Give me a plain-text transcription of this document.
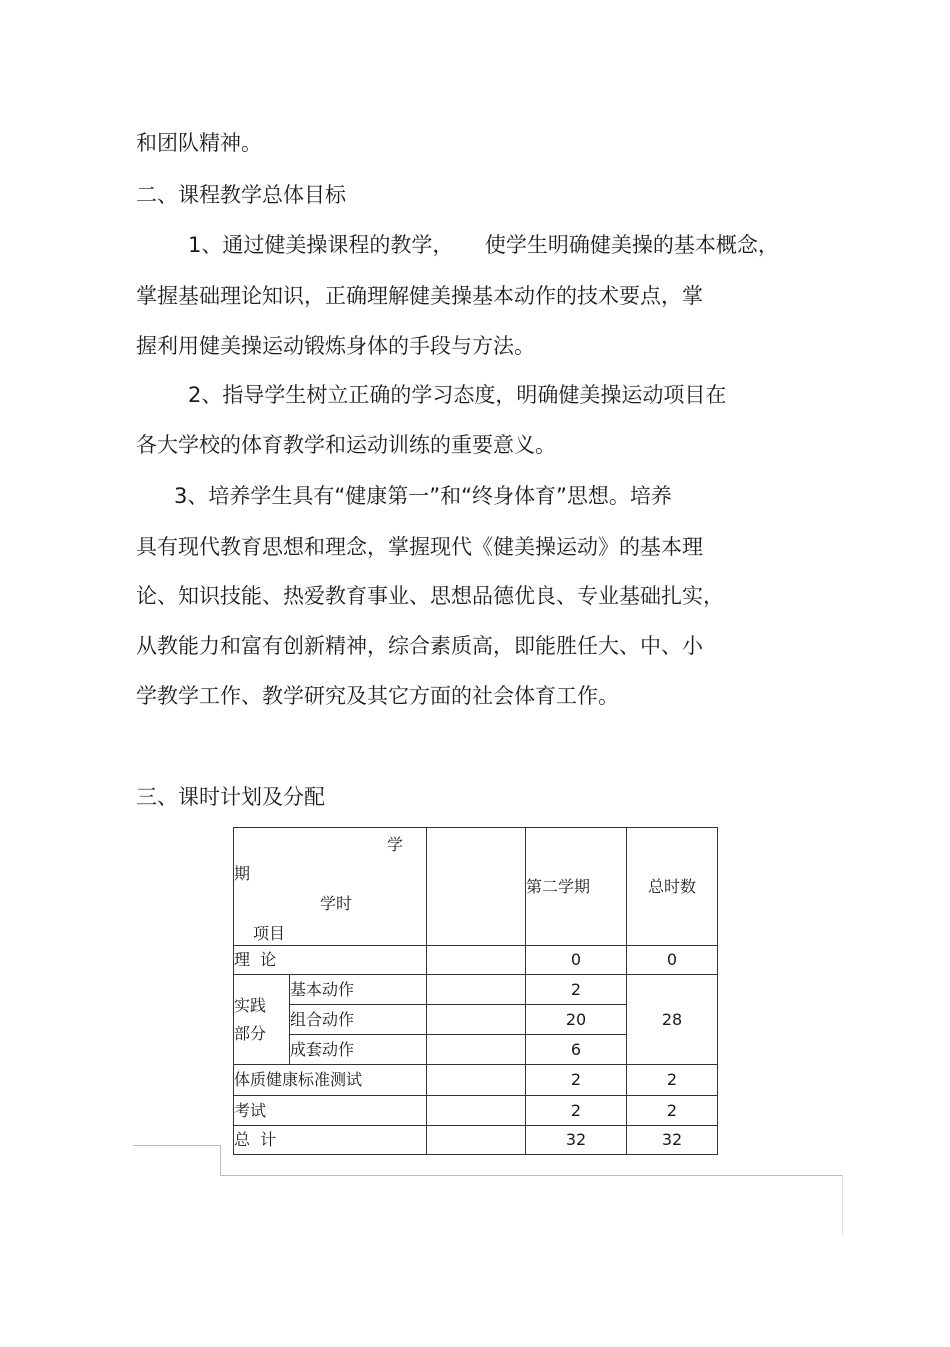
和团队精神。
二、课程教学总体目标
1、通过健美操课程的教学，　　使学生明确健美操的基本概念，
掌握基础理论知识，正确理解健美操基本动作的技术要点，掌
握利用健美操运动锻炼身体的手段与方法。
2、指导学生树立正确的学习态度，明确健美操运动项目在
各大学校的体育教学和运动训练的重要意义。
3、培养学生具有“健康第一”和“终身体育”思想。培养
具有现代教育思想和理念，掌握现代《健美操运动》的基本理
论、知识技能、热爱教育事业、思想品德优良、专业基础扎实，
从教能力和富有创新精神，综合素质高，即能胜任大、中、小
学教学工作、教学研究及其它方面的社会体育工作。
三、课时计划及分配
学
期
学时
项目			第二学期	总时数
理  论			0	0
实践
部分	基本动作		2	28
	组合动作		20	
	成套动作		6	
体质健康标准测试			2	2
考试			2	2
总  计			32	32
